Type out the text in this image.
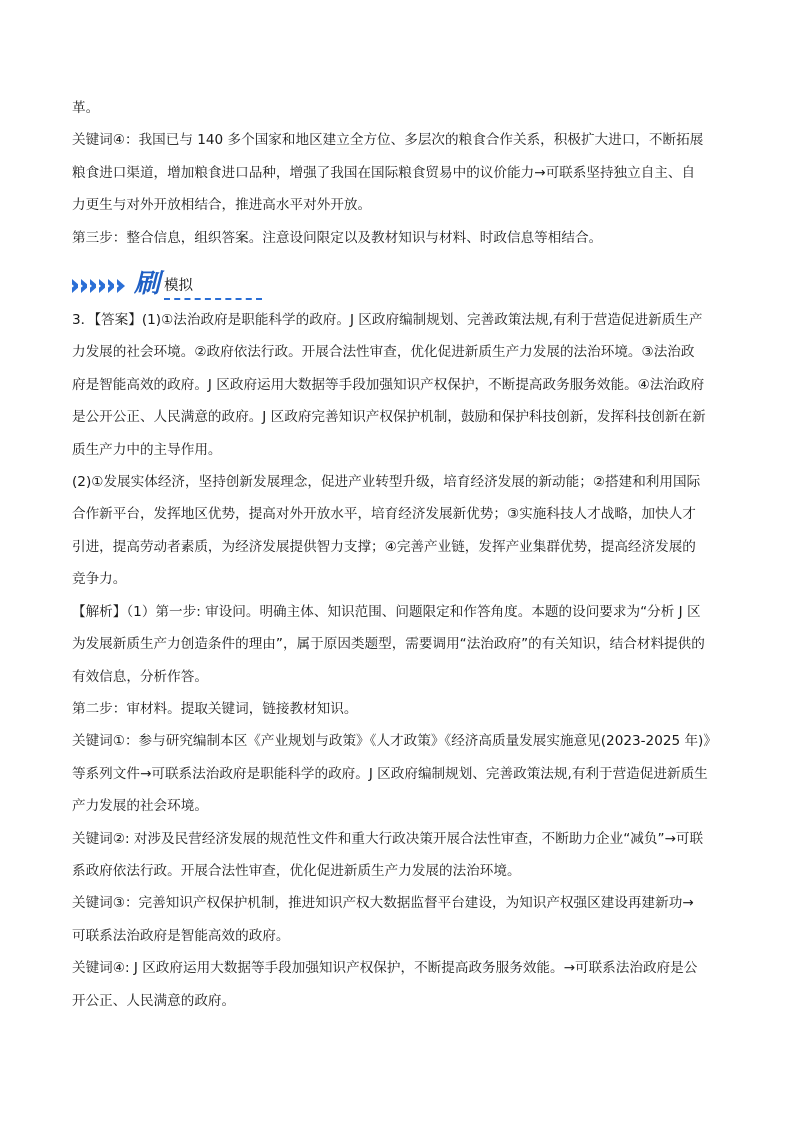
革。

关键词④：我国已与 140 多个国家和地区建立全方位、多层次的粮食合作关系，积极扩大进口，不断拓展

粮食进口渠道，增加粮食进口品种，增强了我国在国际粮食贸易中的议价能力→可联系坚持独立自主、自

力更生与对外开放相结合，推进高水平对外开放。

第三步：整合信息，组织答案。注意设问限定以及教材知识与材料、时政信息等相结合。

刷 模拟

3．【答案】(1)①法治政府是职能科学的政府。J 区政府编制规划、完善政策法规,有利于营造促进新质生产

力发展的社会环境。②政府依法行政。开展合法性审查，优化促进新质生产力发展的法治环境。③法治政

府是智能高效的政府。J 区政府运用大数据等手段加强知识产权保护，不断提高政务服务效能。④法治政府

是公开公正、人民满意的政府。J 区政府完善知识产权保护机制，鼓励和保护科技创新，发挥科技创新在新

质生产力中的主导作用。

(2)①发展实体经济，坚持创新发展理念，促进产业转型升级，培育经济发展的新动能；②搭建和利用国际

合作新平台，发挥地区优势，提高对外开放水平，培育经济发展新优势；③实施科技人才战略，加快人才

引进，提高劳动者素质，为经济发展提供智力支撑；④完善产业链，发挥产业集群优势，提高经济发展的

竞争力。

【解析】（1）第一步: 审设问。明确主体、知识范围、问题限定和作答角度。本题的设问要求为“分析 J 区

为发展新质生产力创造条件的理由”，属于原因类题型，需要调用“法治政府”的有关知识，结合材料提供的

有效信息，分析作答。

第二步：审材料。提取关键词，链接教材知识。

关键词①：参与研究编制本区《产业规划与政策》《人才政策》《经济高质量发展实施意见(2023-2025 年)》

等系列文件→可联系法治政府是职能科学的政府。J 区政府编制规划、完善政策法规,有利于营造促进新质生

产力发展的社会环境。

关键词②: 对涉及民营经济发展的规范性文件和重大行政决策开展合法性审查，不断助力企业“减负”→可联

系政府依法行政。开展合法性审查，优化促进新质生产力发展的法治环境。

关键词③：完善知识产权保护机制，推进知识产权大数据监督平台建设，为知识产权强区建设再建新功→

可联系法治政府是智能高效的政府。

关键词④: J 区政府运用大数据等手段加强知识产权保护，不断提高政务服务效能。→可联系法治政府是公

开公正、人民满意的政府。
